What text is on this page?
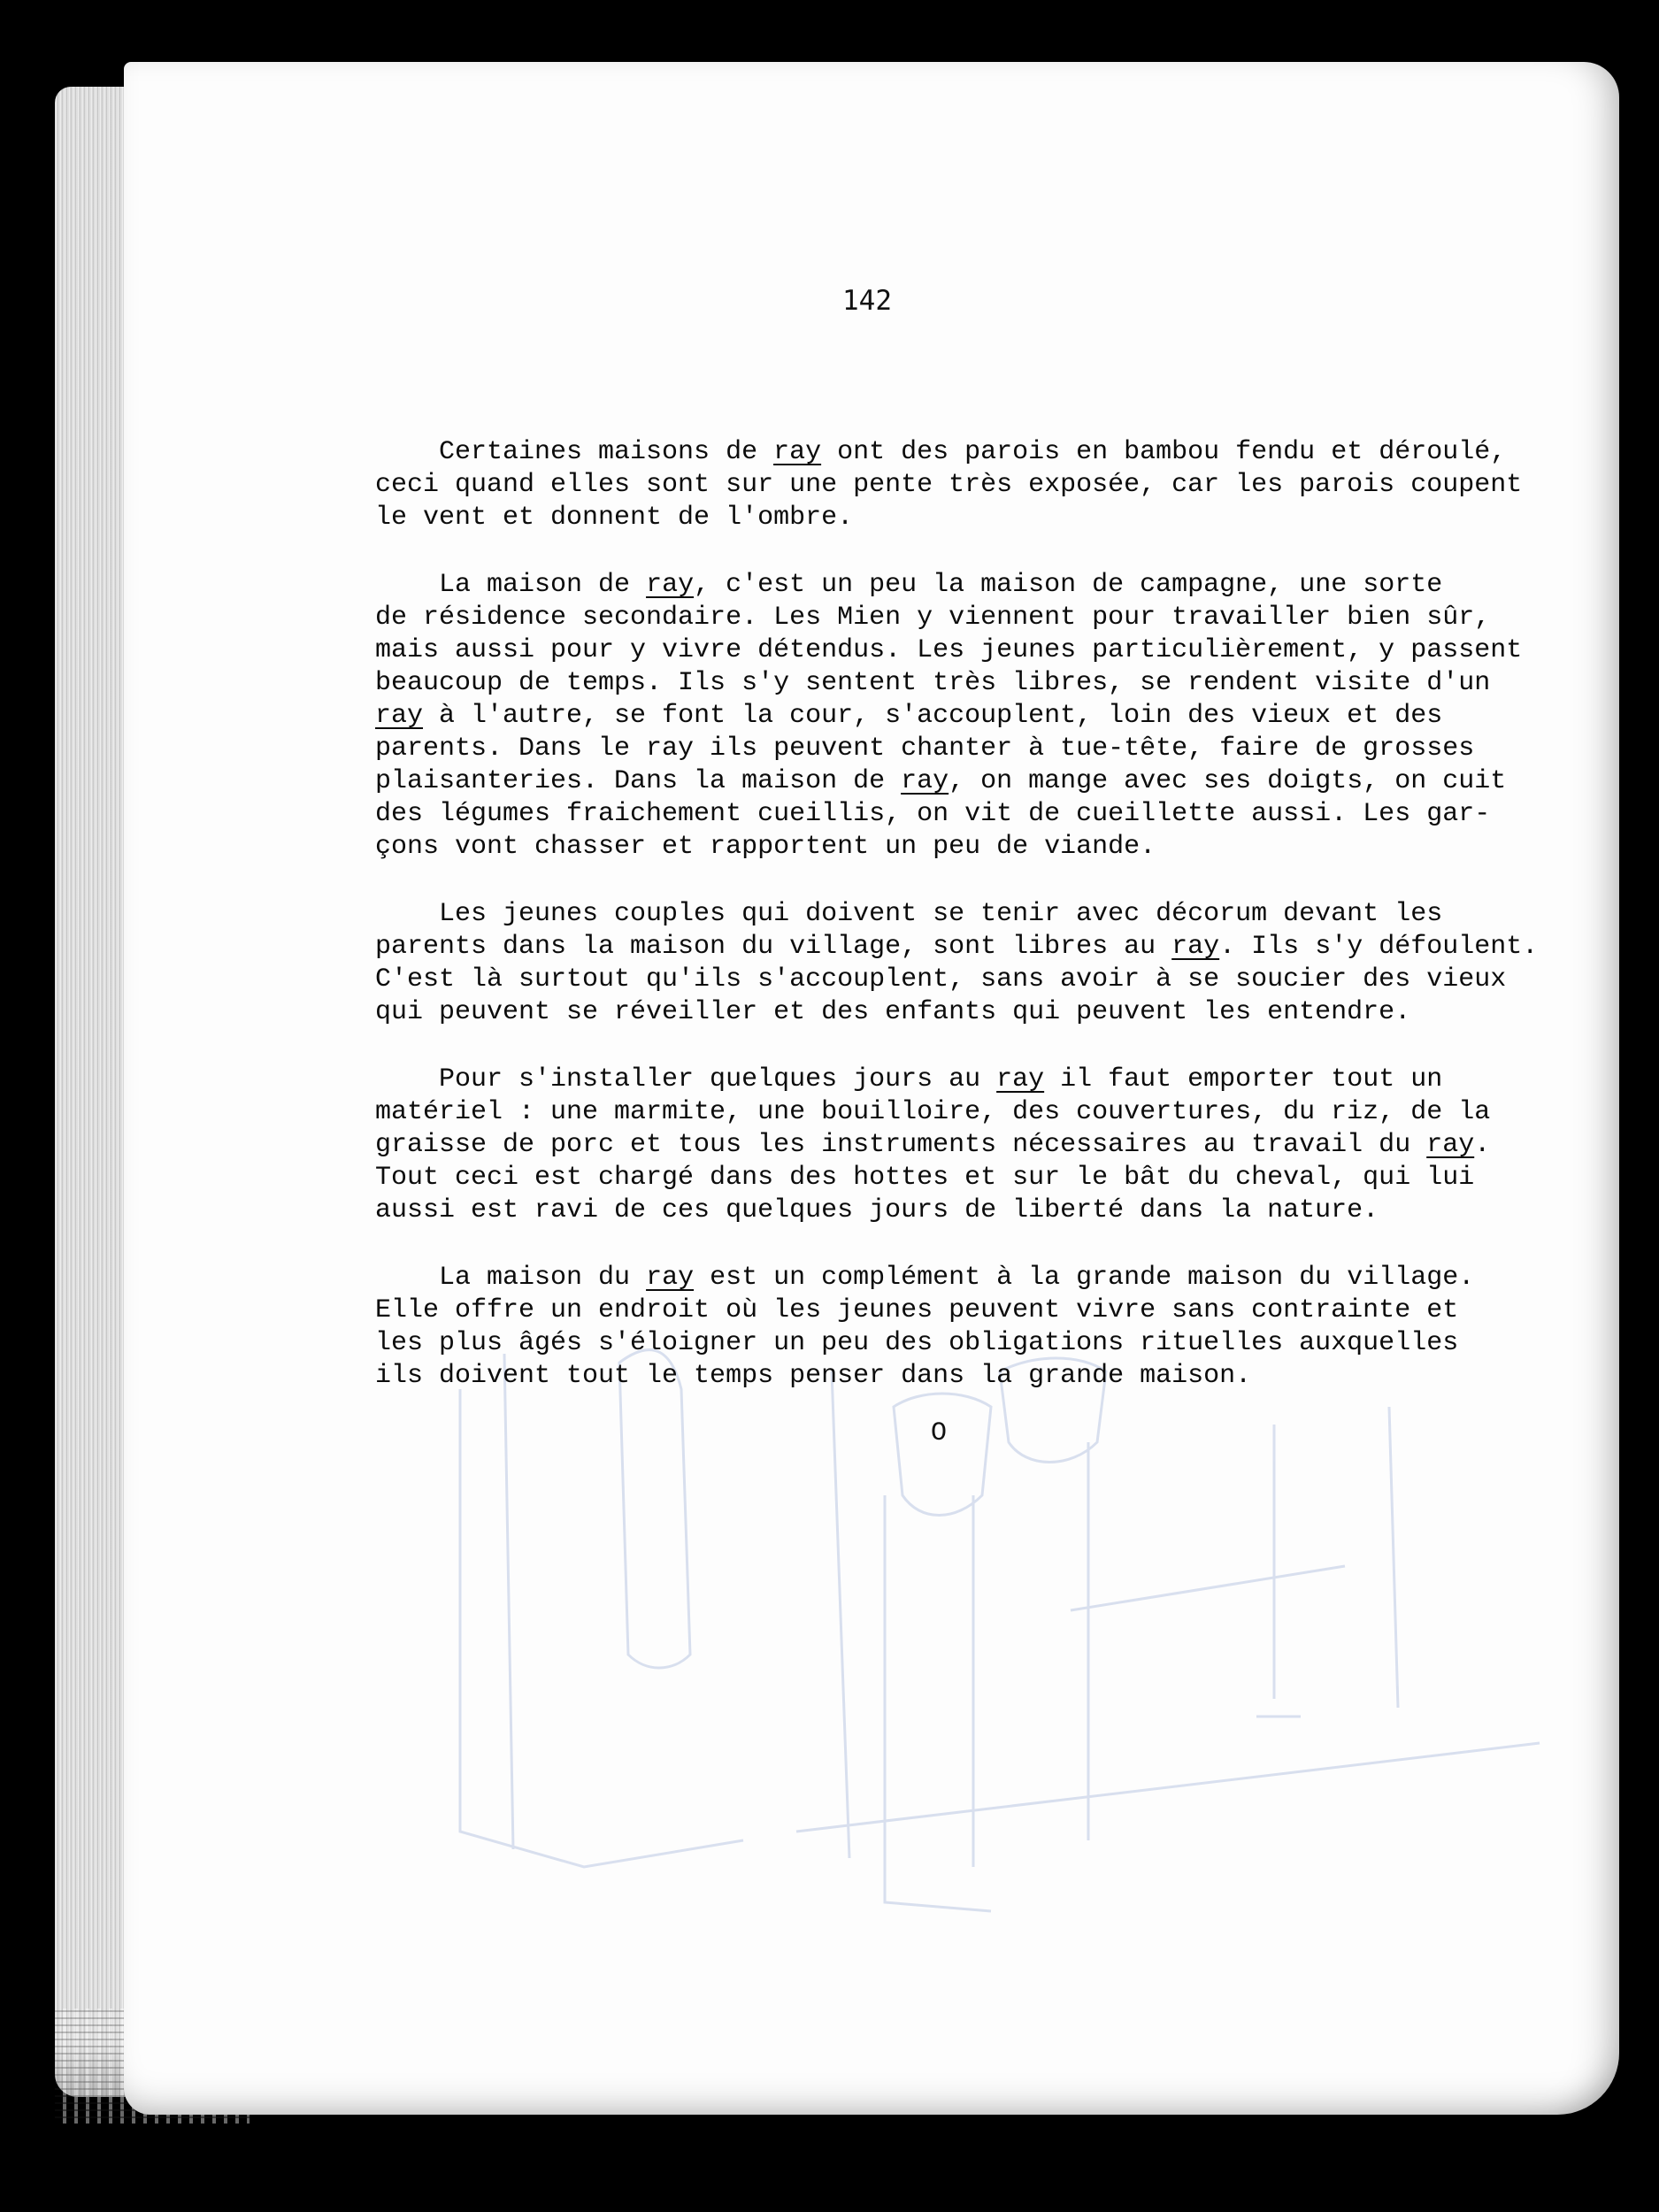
142
Certaines maisons de ray ont des parois en bambou fendu et déroulé,
ceci quand elles sont sur une pente très exposée, car les parois coupent
le vent et donnent de l'ombre.
La maison de ray, c'est un peu la maison de campagne, une sorte
de résidence secondaire. Les Mien y viennent pour travailler bien sûr,
mais aussi pour y vivre détendus. Les jeunes particulièrement, y passent
beaucoup de temps. Ils s'y sentent très libres, se rendent visite d'un
ray à l'autre, se font la cour, s'accouplent, loin des vieux et des
parents. Dans le ray ils peuvent chanter à tue-tête, faire de grosses
plaisanteries. Dans la maison de ray, on mange avec ses doigts, on cuit
des légumes fraichement cueillis, on vit de cueillette aussi. Les gar-
çons vont chasser et rapportent un peu de viande.
Les jeunes couples qui doivent se tenir avec décorum devant les
parents dans la maison du village, sont libres au ray. Ils s'y défoulent.
C'est là surtout qu'ils s'accouplent, sans avoir à se soucier des vieux
qui peuvent se réveiller et des enfants qui peuvent les entendre.
Pour s'installer quelques jours au ray il faut emporter tout un
matériel : une marmite, une bouilloire, des couvertures, du riz, de la
graisse de porc et tous les instruments nécessaires au travail du ray.
Tout ceci est chargé dans des hottes et sur le bât du cheval, qui lui
aussi est ravi de ces quelques jours de liberté dans la nature.
La maison du ray est un complément à la grande maison du village.
Elle offre un endroit où les jeunes peuvent vivre sans contrainte et
les plus âgés s'éloigner un peu des obligations rituelles auxquelles
ils doivent tout le temps penser dans la grande maison.
O
